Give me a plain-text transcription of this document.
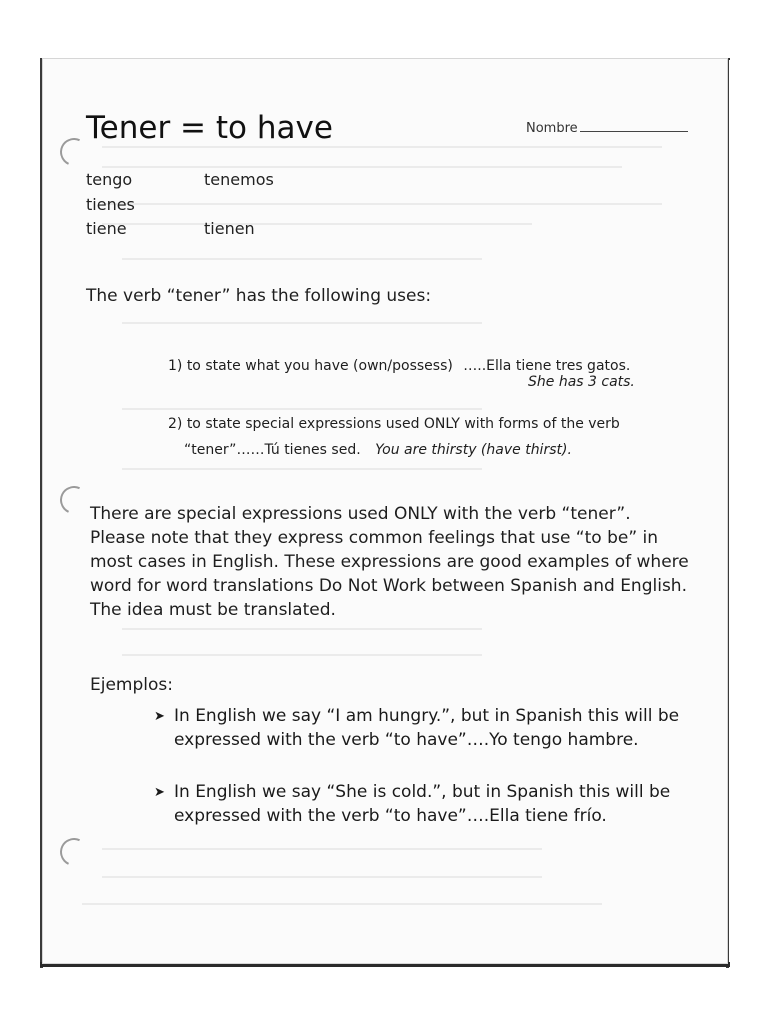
Tener = to have	Nombre
tengo	tenemos
tienes
tiene	tienen
The verb “tener” has the following uses:
1) to state what you have (own/possess) …..Ella tiene tres gatos.
She has 3 cats.
2) to state special expressions used ONLY with forms of the verb
“tener”……Tú tienes sed. You are thirsty (have thirst).
There are special expressions used ONLY with the verb “tener”. Please note that they express common feelings that use “to be” in most cases in English. These expressions are good examples of where word for word translations Do Not Work between Spanish and English. The idea must be translated.
Ejemplos:
➤ In English we say “I am hungry.”, but in Spanish this will be expressed with the verb “to have”….Yo tengo hambre.
➤ In English we say “She is cold.”, but in Spanish this will be expressed with the verb “to have”….Ella tiene frío.
